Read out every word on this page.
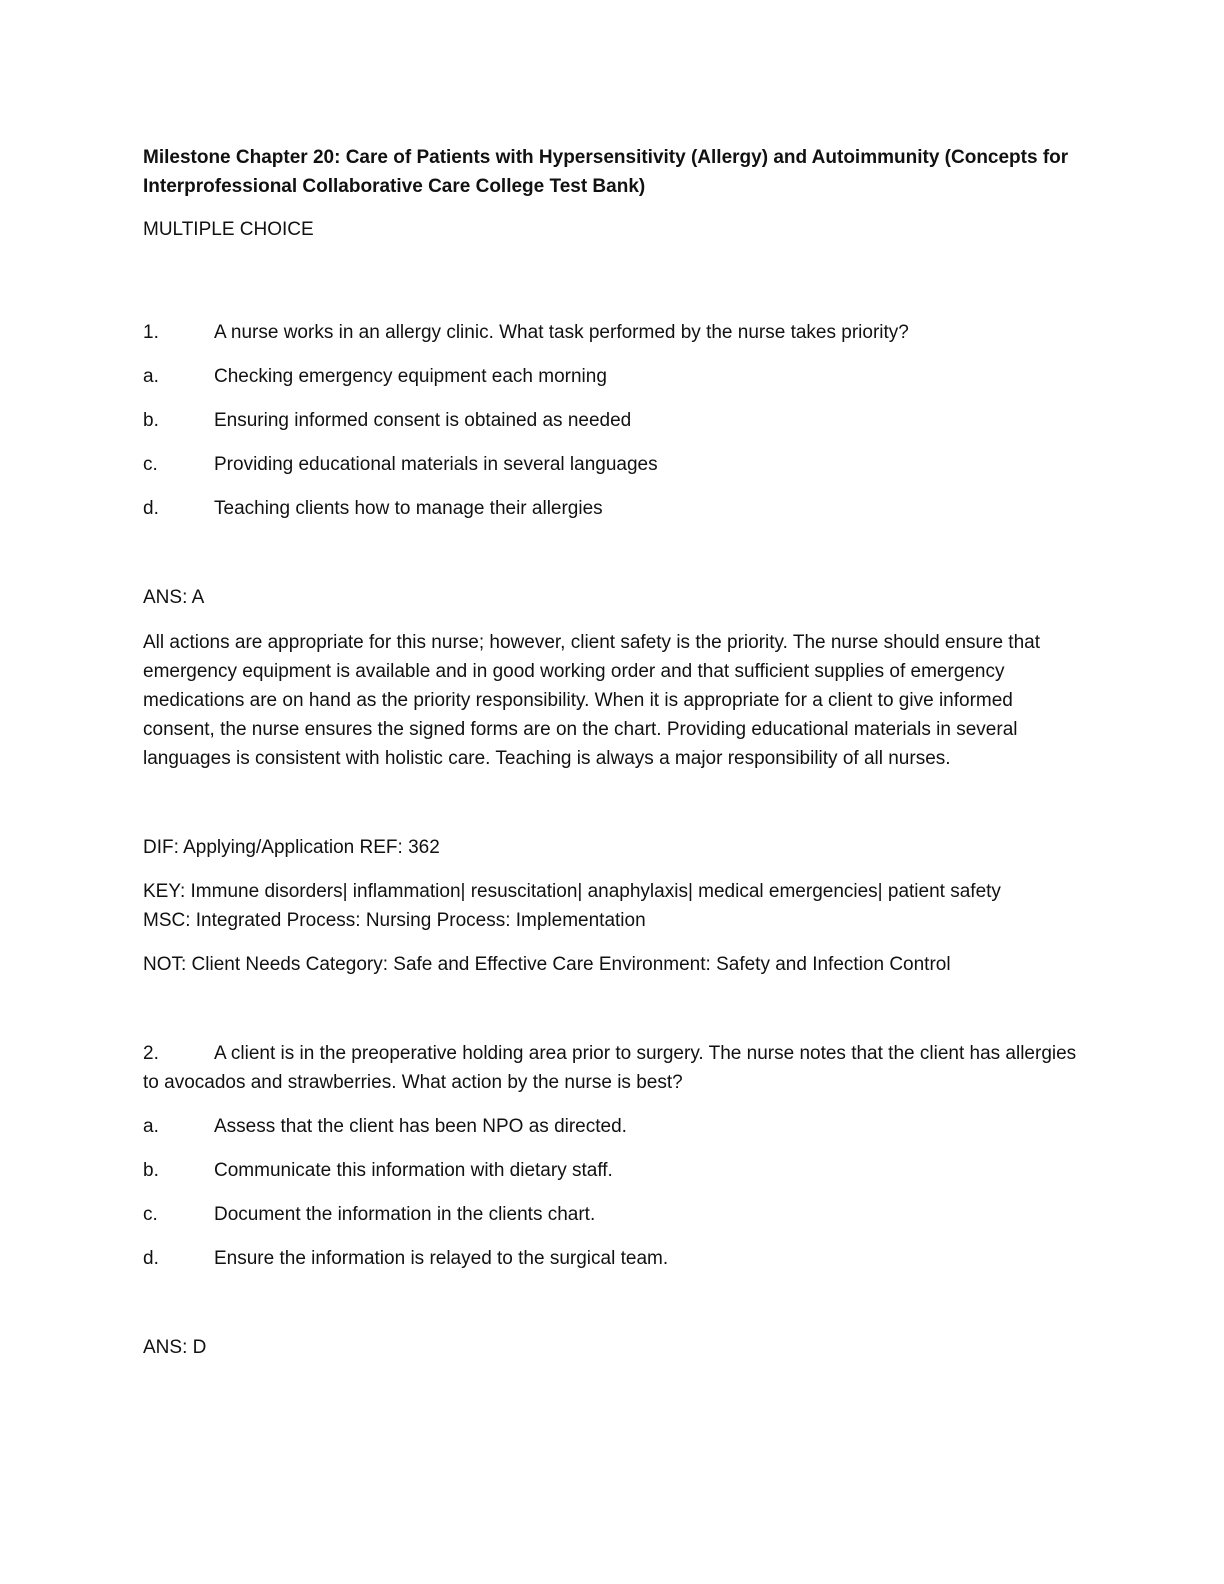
Milestone Chapter 20: Care of Patients with Hypersensitivity (Allergy) and Autoimmunity (Concepts for Interprofessional Collaborative Care College Test Bank)
MULTIPLE CHOICE
1.	A nurse works in an allergy clinic. What task performed by the nurse takes priority?
a.	Checking emergency equipment each morning
b.	Ensuring informed consent is obtained as needed
c.	Providing educational materials in several languages
d.	Teaching clients how to manage their allergies
ANS: A
All actions are appropriate for this nurse; however, client safety is the priority. The nurse should ensure that emergency equipment is available and in good working order and that sufficient supplies of emergency medications are on hand as the priority responsibility. When it is appropriate for a client to give informed consent, the nurse ensures the signed forms are on the chart. Providing educational materials in several languages is consistent with holistic care. Teaching is always a major responsibility of all nurses.
DIF: Applying/Application REF: 362
KEY: Immune disorders| inflammation| resuscitation| anaphylaxis| medical emergencies| patient safety
MSC: Integrated Process: Nursing Process: Implementation
NOT: Client Needs Category: Safe and Effective Care Environment: Safety and Infection Control
2.	A client is in the preoperative holding area prior to surgery. The nurse notes that the client has allergies to avocados and strawberries. What action by the nurse is best?
a.	Assess that the client has been NPO as directed.
b.	Communicate this information with dietary staff.
c.	Document the information in the clients chart.
d.	Ensure the information is relayed to the surgical team.
ANS: D
